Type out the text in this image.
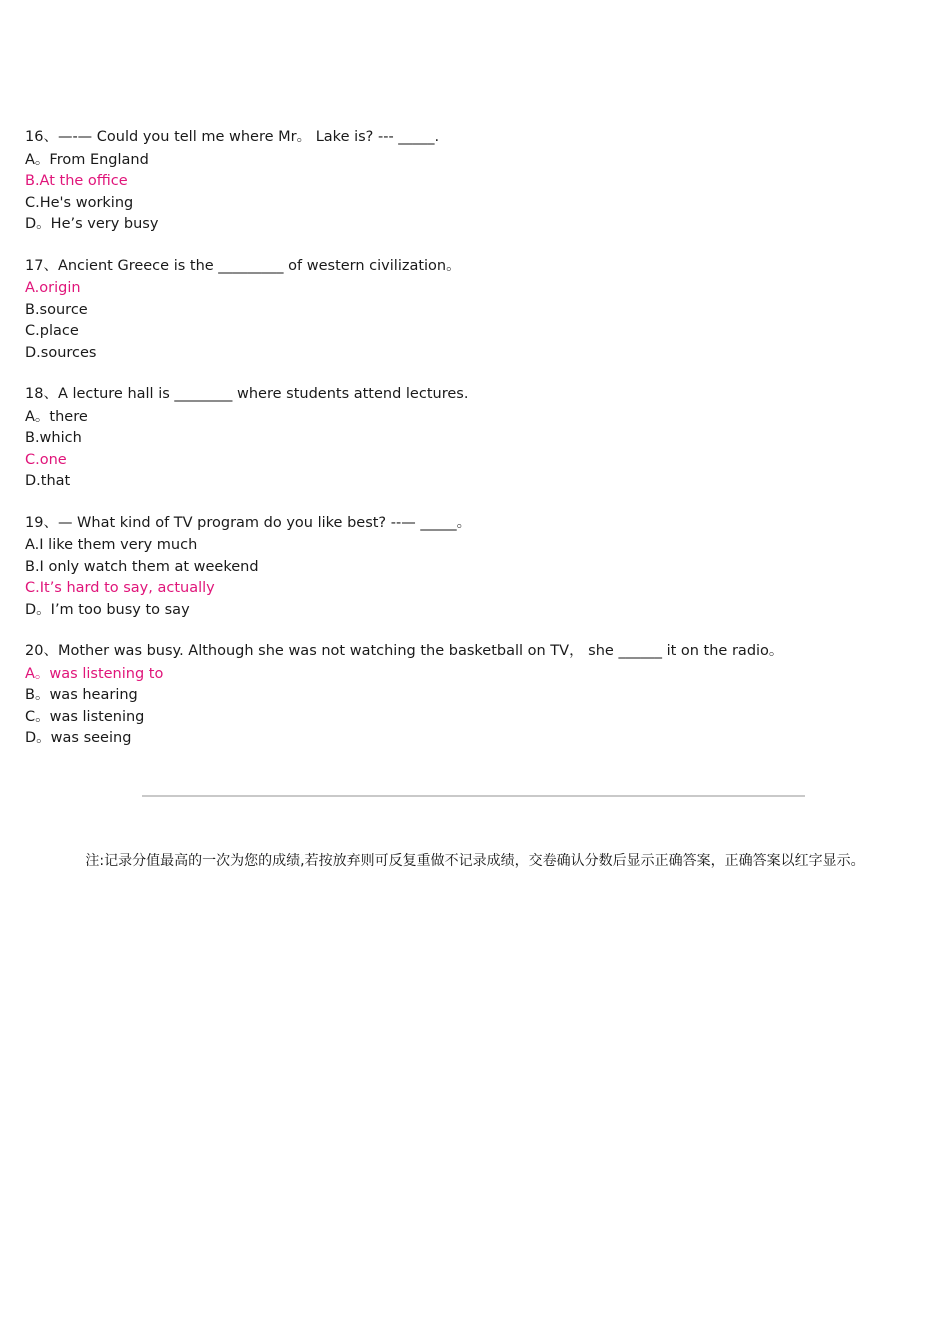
16、—-— Could you tell me where Mr。 Lake is? --- _____.
A。From England
B.At the office
C.He's working
D。He’s very busy
17、Ancient Greece is the _________ of western civilization。
A.origin
B.source
C.place
D.sources
18、A lecture hall is ________ where students attend lectures.
A。there
B.which
C.one
D.that
19、— What kind of TV program do you like best? --— _____。
A.I like them very much
B.I only watch them at weekend
C.It’s hard to say, actually
D。I’m too busy to say
20、Mother was busy. Although she was not watching the basketball on TV， she ______ it on the radio。
A。was listening to
B。was hearing
C。was listening
D。was seeing
注:记录分值最高的一次为您的成绩,若按放弃则可反复重做不记录成绩，交卷确认分数后显示正确答案，正确答案以红字显示。
